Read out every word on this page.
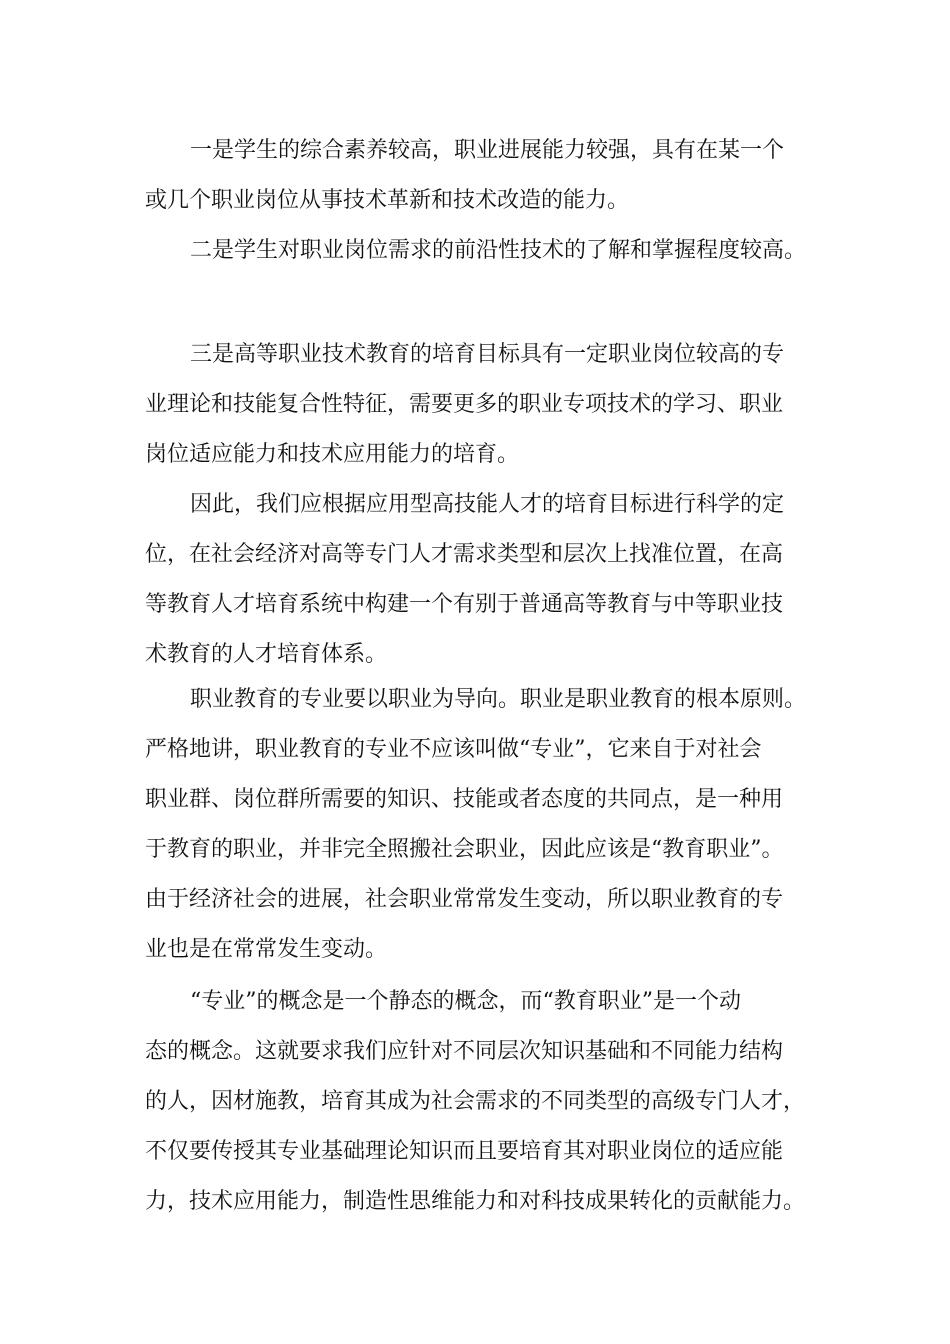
一是学生的综合素养较高，职业进展能力较强，具有在某一个
或几个职业岗位从事技术革新和技术改造的能力。
二是学生对职业岗位需求的前沿性技术的了解和掌握程度较高。
三是高等职业技术教育的培育目标具有一定职业岗位较高的专
业理论和技能复合性特征，需要更多的职业专项技术的学习、职业
岗位适应能力和技术应用能力的培育。
因此，我们应根据应用型高技能人才的培育目标进行科学的定
位，在社会经济对高等专门人才需求类型和层次上找准位置，在高
等教育人才培育系统中构建一个有别于普通高等教育与中等职业技
术教育的人才培育体系。
职业教育的专业要以职业为导向。职业是职业教育的根本原则。
严格地讲，职业教育的专业不应该叫做“专业”，它来自于对社会
职业群、岗位群所需要的知识、技能或者态度的共同点，是一种用
于教育的职业，并非完全照搬社会职业，因此应该是“教育职业”。
由于经济社会的进展，社会职业常常发生变动，所以职业教育的专
业也是在常常发生变动。
“专业”的概念是一个静态的概念，而“教育职业”是一个动
态的概念。这就要求我们应针对不同层次知识基础和不同能力结构
的人，因材施教，培育其成为社会需求的不同类型的高级专门人才，
不仅要传授其专业基础理论知识而且要培育其对职业岗位的适应能
力，技术应用能力，制造性思维能力和对科技成果转化的贡献能力。
